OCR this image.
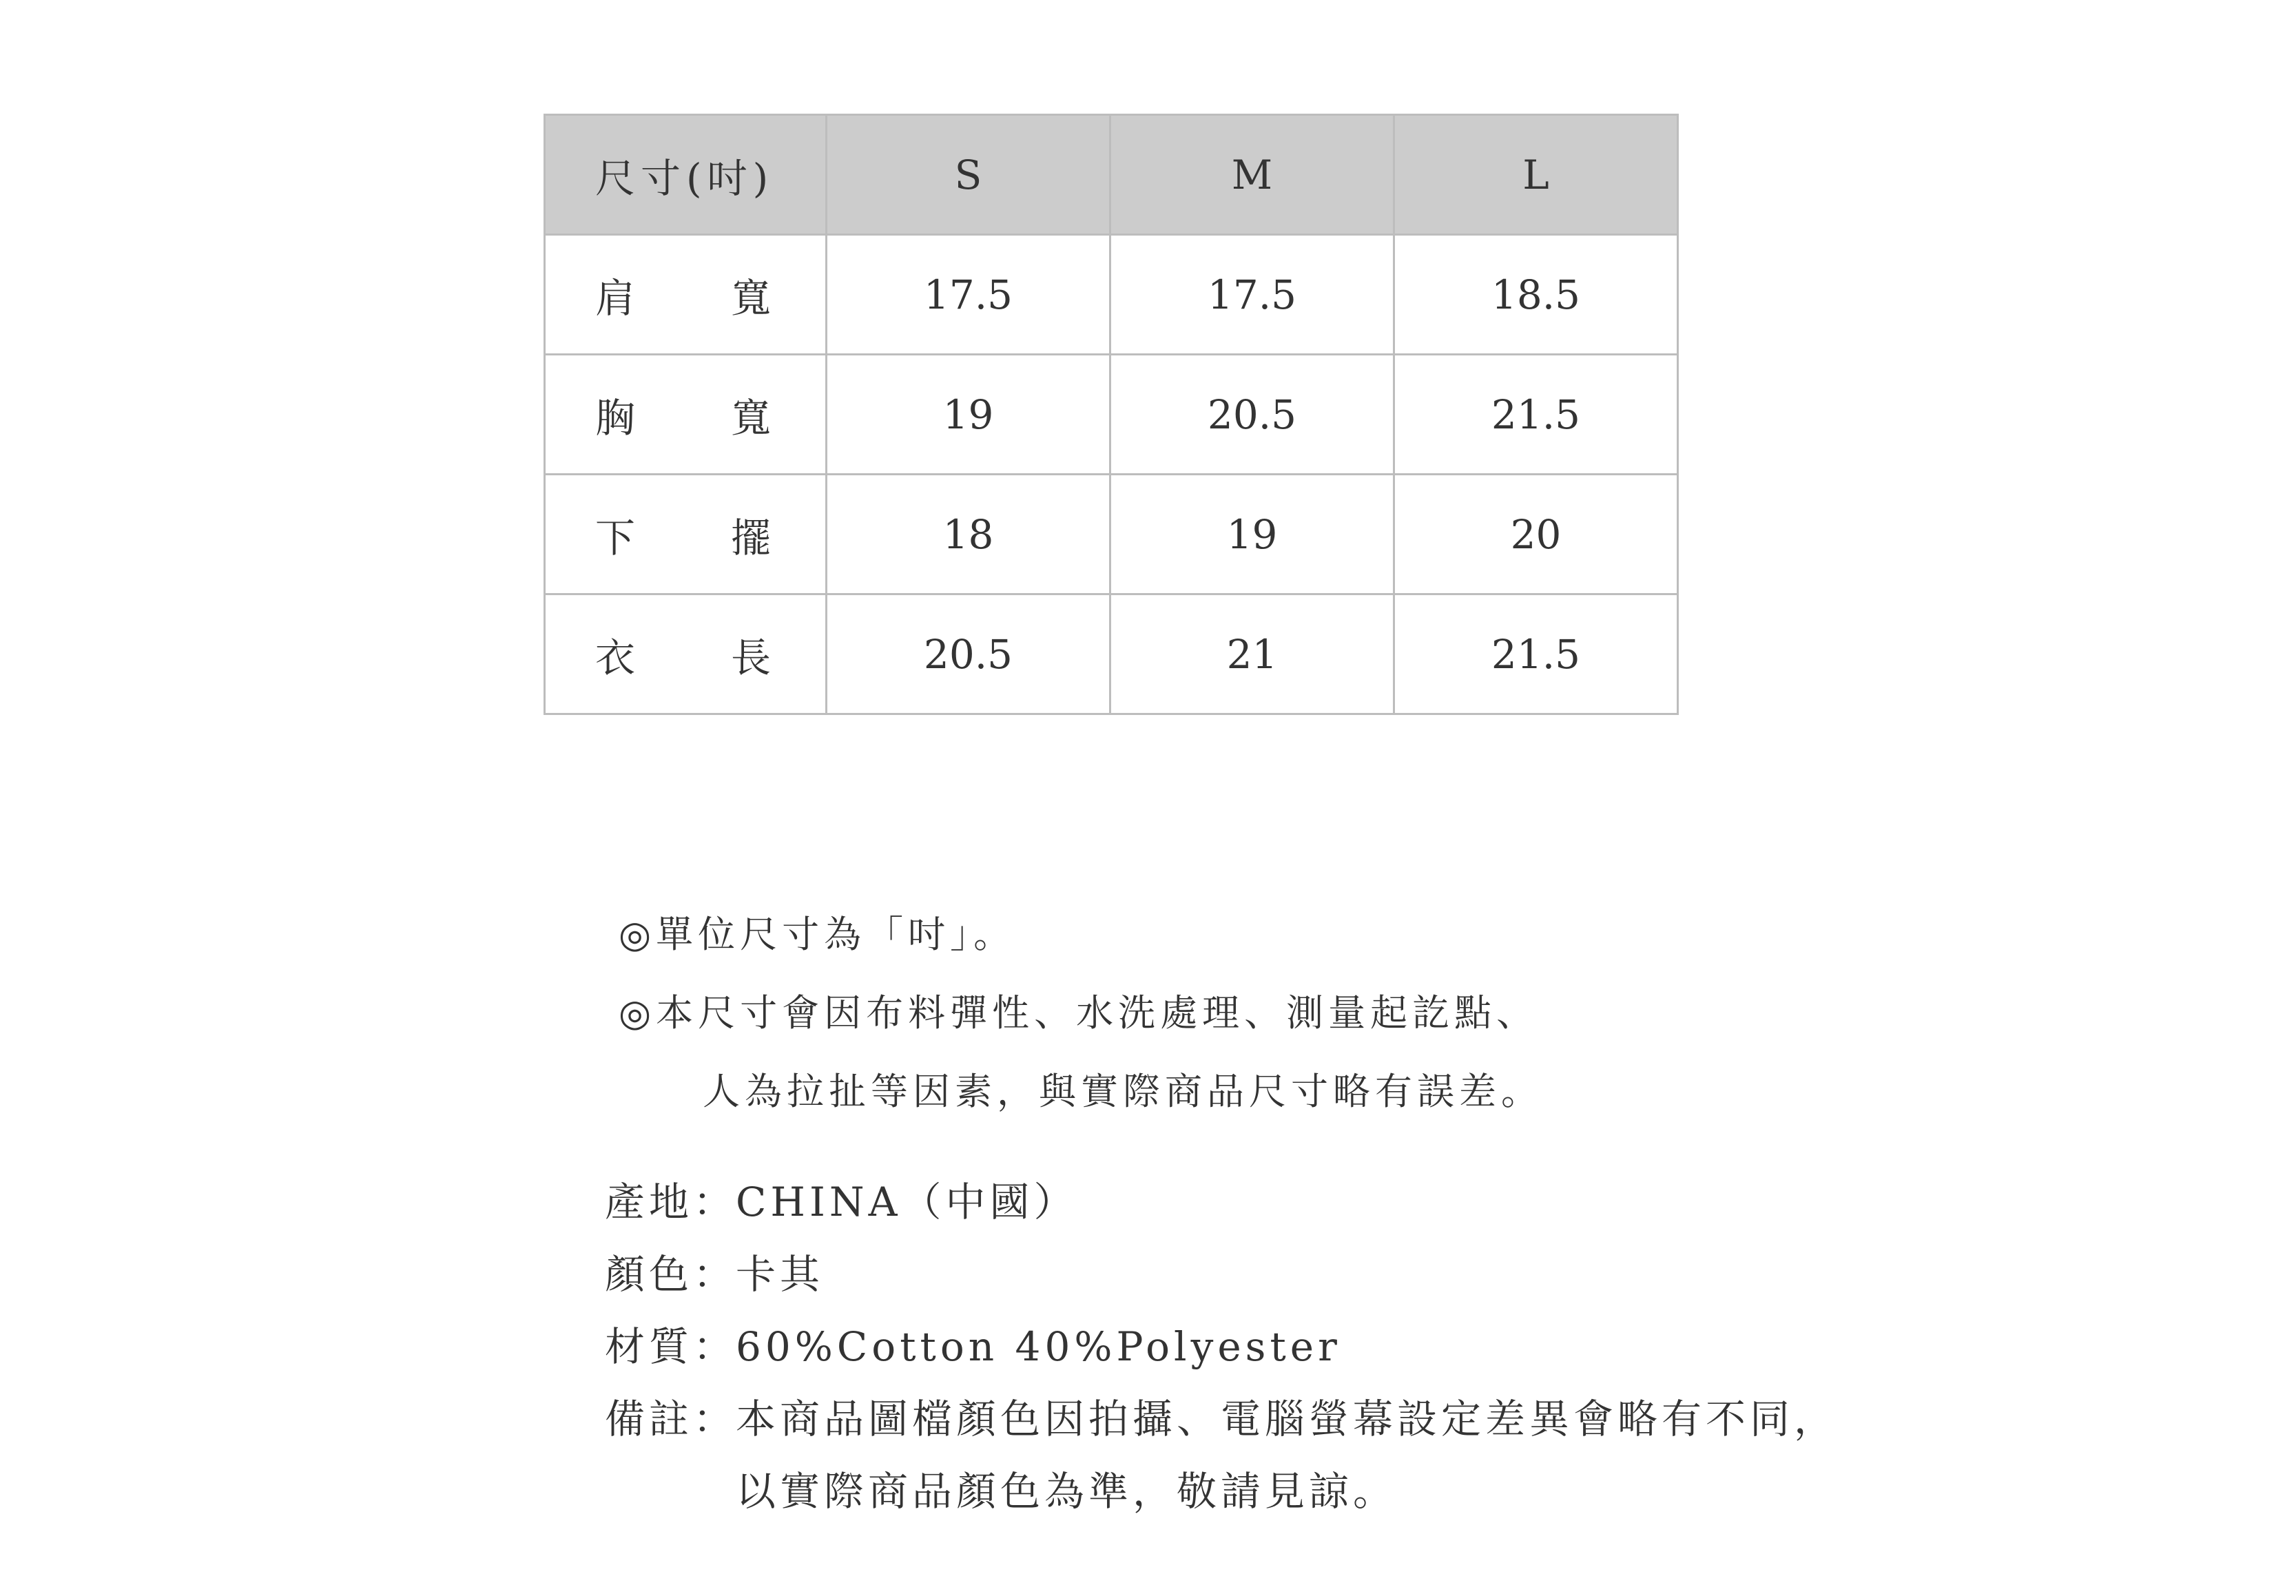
尺寸(吋)	S	M	L

肩 寬	17.5	17.5	18.5

胸 寬	19	20.5	21.5

下 擺	18	19	20

衣 長	20.5	21	21.5
◎單位尺寸為「吋」。
◎本尺寸會因布料彈性、水洗處理、測量起訖點、
人為拉扯等因素，與實際商品尺寸略有誤差。
產地：
CHINA（中國）
顏色：
卡其
材質：
60%Cotton 40%Polyester
備註：
本商品圖檔顏色因拍攝、電腦螢幕設定差異會略有不同，
以實際商品顏色為準，敬請見諒。
